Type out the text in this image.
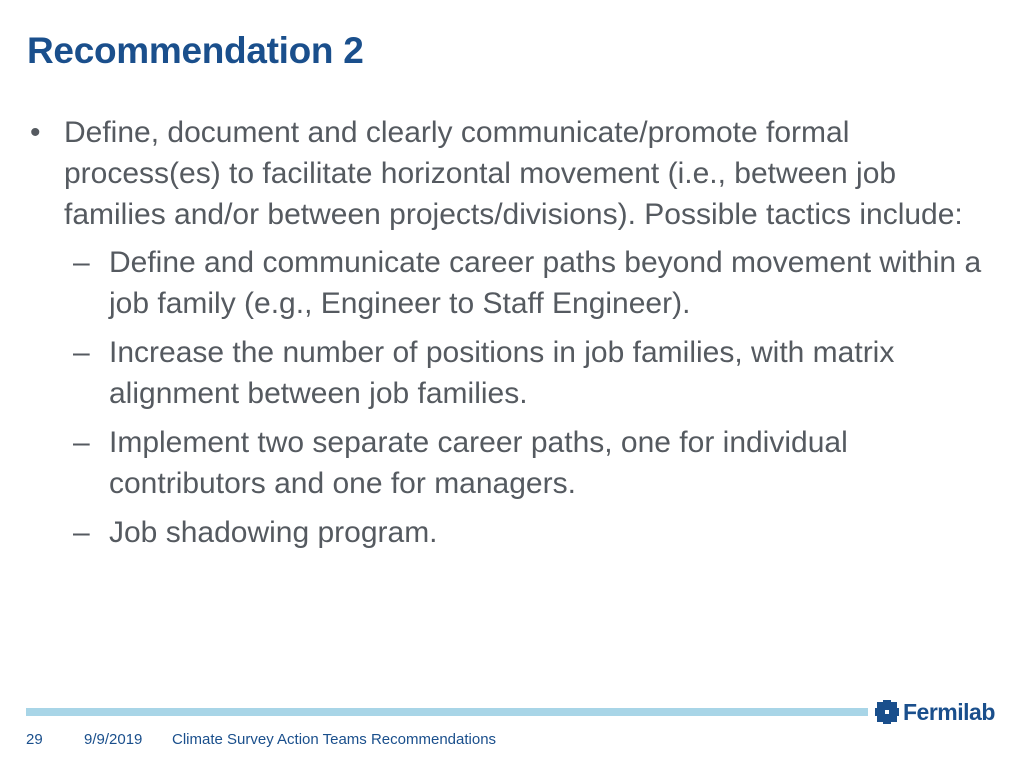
Recommendation 2

• Define, document and clearly communicate/promote formal process(es) to facilitate horizontal movement (i.e., between job families and/or between projects/divisions). Possible tactics include:

– Define and communicate career paths beyond movement within a job family (e.g., Engineer to Staff Engineer).
– Increase the number of positions in job families, with matrix alignment between job families.
– Implement two separate career paths, one for individual contributors and one for managers.
– Job shadowing program.
Fermilab
29	9/9/2019 Climate Survey Action Teams Recommendations
